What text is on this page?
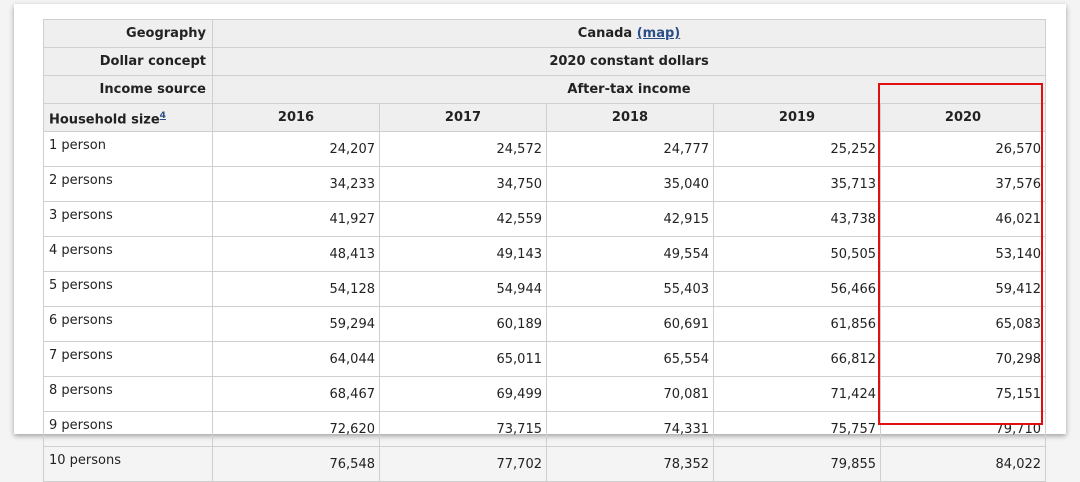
Geography	Canada (map)				
Dollar concept	2020 constant dollars				
Income source	After-tax income				
Household size$^4$	2016	2017	2018	2019	2020
1 person	24,207	24,572	24,777	25,252	26,570
2 persons	34,233	34,750	35,040	35,713	37,576
3 persons	41,927	42,559	42,915	43,738	46,021
4 persons	48,413	49,143	49,554	50,505	53,140
5 persons	54,128	54,944	55,403	56,466	59,412
6 persons	59,294	60,189	60,691	61,856	65,083
7 persons	64,044	65,011	65,554	66,812	70,298
8 persons	68,467	69,499	70,081	71,424	75,151
9 persons	72,620	73,715	74,331	75,757	79,710
10 persons	76,548	77,702	78,352	79,855	84,022
